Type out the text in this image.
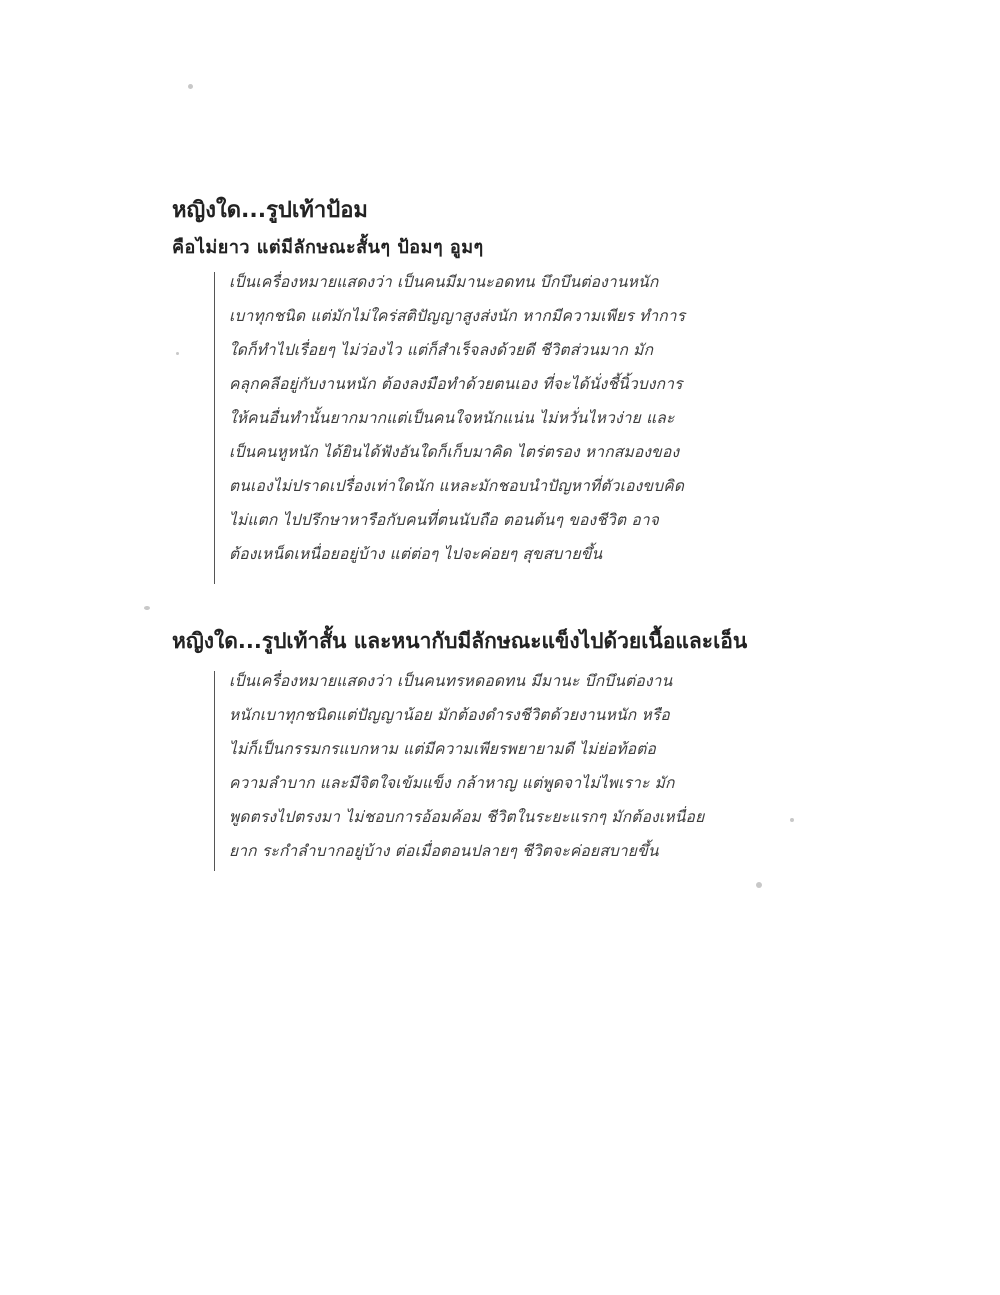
หญิงใด...รูปเท้าป้อม
คือไม่ยาว แต่มีลักษณะสั้นๆ ป้อมๆ อูมๆ

เป็นเครื่องหมายแสดงว่า เป็นคนมีมานะอดทน บึกบึนต่องานหนัก

เบาทุกชนิด แต่มักไม่ใคร่สติปัญญาสูงส่งนัก หากมีความเพียร ทำการ

ใดก็ทำไปเรื่อยๆ ไม่ว่องไว แต่ก็สำเร็จลงด้วยดี ชีวิตส่วนมาก มัก

คลุกคลีอยู่กับงานหนัก ต้องลงมือทำด้วยตนเอง ที่จะได้นั่งชี้นิ้วบงการ

ให้คนอื่นทำนั้นยากมากแต่เป็นคนใจหนักแน่น ไม่หวั่นไหวง่าย และ

เป็นคนหูหนัก ได้ยินได้ฟังอันใดก็เก็บมาคิด ไตร่ตรอง หากสมองของ

ตนเองไม่ปราดเปรื่องเท่าใดนัก แหละมักชอบนำปัญหาที่ตัวเองขบคิด

ไม่แตก ไปปรึกษาหารือกับคนที่ตนนับถือ ตอนต้นๆ ของชีวิต อาจ

ต้องเหน็ดเหนื่อยอยู่บ้าง แต่ต่อๆ ไปจะค่อยๆ สุขสบายขึ้น

หญิงใด...รูปเท้าสั้น และหนากับมีลักษณะแข็งไปด้วยเนื้อและเอ็น

เป็นเครื่องหมายแสดงว่า เป็นคนทรหดอดทน มีมานะ บึกบึนต่องาน

หนักเบาทุกชนิดแต่ปัญญาน้อย มักต้องดำรงชีวิตด้วยงานหนัก หรือ

ไม่ก็เป็นกรรมกรแบกหาม แต่มีความเพียรพยายามดี ไม่ย่อท้อต่อ

ความลำบาก และมีจิตใจเข้มแข็ง กล้าหาญ แต่พูดจาไม่ไพเราะ มัก

พูดตรงไปตรงมา ไม่ชอบการอ้อมค้อม ชีวิตในระยะแรกๆ มักต้องเหนื่อย

ยาก ระกำลำบากอยู่บ้าง ต่อเมื่อตอนปลายๆ ชีวิตจะค่อยสบายขึ้น
